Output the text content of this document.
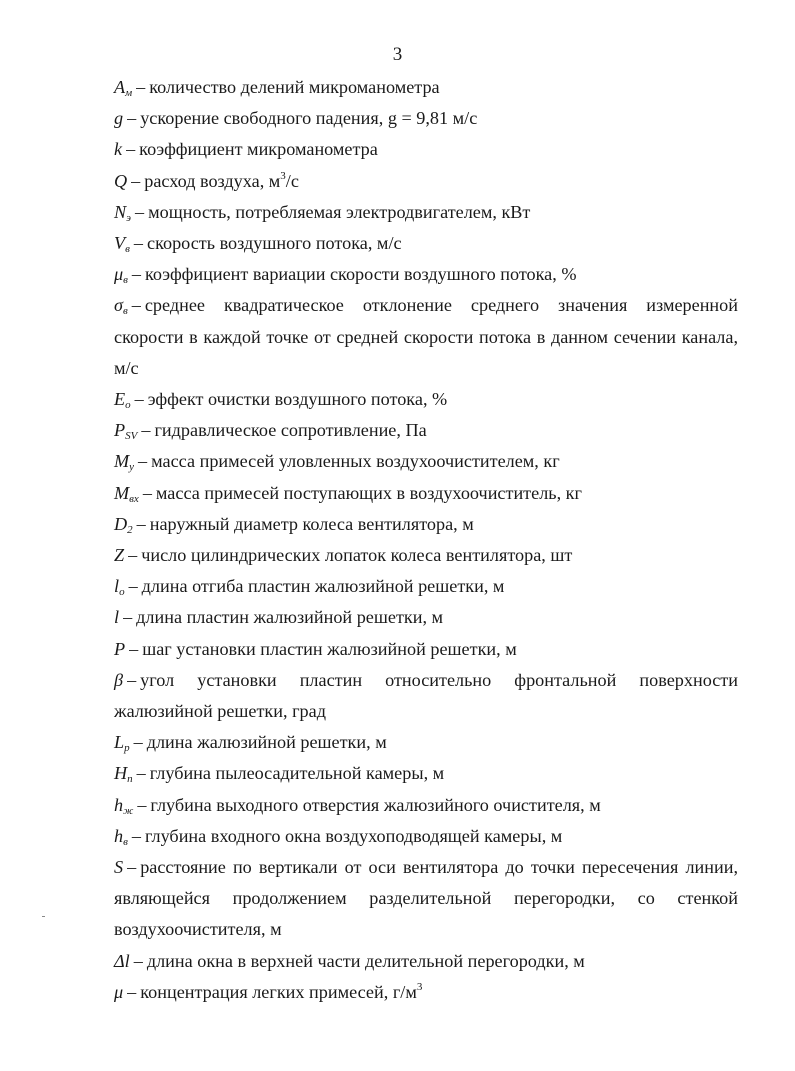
3

$A_м$ – количество делений микроманометра

g – ускорение свободного падения, g = 9,81 м/с

k – коэффициент микроманометра

Q – расход воздуха, $м^3/с$

$N_э$ – мощность, потребляемая электродвигателем, кВт

$V_в$ – скорость воздушного потока, м/с

$\mu_в$ – коэффициент вариации скорости воздушного потока, %

$\sigma_в$ – среднее квадратическое отклонение среднего значения измеренной скорости в каждой точке от средней скорости потока в данном сечении канала, м/с

$E_o$ – эффект очистки воздушного потока, %

$P_{SV}$ – гидравлическое сопротивление, Па

$M_y$ – масса примесей уловленных воздухоочистителем, кг

$M_{вх}$ – масса примесей поступающих в воздухоочиститель, кг

$D_2$ – наружный диаметр колеса вентилятора, м

Z – число цилиндрических лопаток колеса вентилятора, шт

$l_o$ – длина отгиба пластин жалюзийной решетки, м

l – длина пластин жалюзийной решетки, м

P – шаг установки пластин жалюзийной решетки, м

β – угол установки пластин относительно фронтальной поверхности жалюзийной решетки, град

$L_p$ – длина жалюзийной решетки, м

$H_п$ – глубина пылеосадительной камеры, м

$h_ж$ – глубина выходного отверстия жалюзийного очистителя, м

$h_в$ – глубина входного окна воздухоподводящей камеры, м

S – расстояние по вертикали от оси вентилятора до точки пересечения линии, являющейся продолжением разделительной перегородки, со стенкой воздухоочистителя, м

Δl – длина окна в верхней части делительной перегородки, м

μ – концентрация легких примесей, $г/м^3$
